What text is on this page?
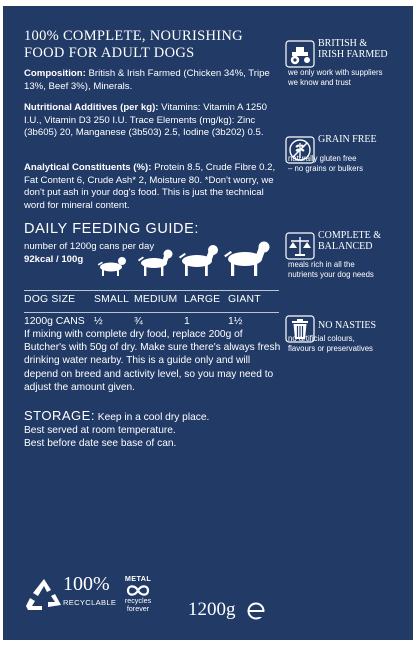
100% COMPLETE, NOURISHING FOOD FOR ADULT DOGS

Composition: British & Irish Farmed (Chicken 34%, Tripe 13%, Beef 3%), Minerals.

Nutritional Additives (per kg): Vitamins: Vitamin A 1250 I.U., Vitamin D3 250 I.U. Trace Elements (mg/kg): Zinc (3b605) 20, Manganese (3b503) 2.5, Iodine (3b202) 0.5.

Analytical Constituents (%): Protein 8.5, Crude Fibre 0.2, Fat Content 6, Crude Ash* 2, Moisture 80. *Don't worry, we don't put ash in your dog's food. This is just the technical word for mineral content.

DAILY FEEDING GUIDE:
number of 1200g cans per day
92kcal / 100g
DOG SIZE SMALL MEDIUM LARGE GIANT
1200g CANS ½	¾	1	1½

If mixing with complete dry food, replace 200g of Butcher's with 50g of dry. Make sure there's always fresh drinking water nearby. This is a guide only and will depend on breed and activity level, so you may need to adjust the amount given.

STORAGE: Keep in a cool dry place.
Best served at room temperature.
Best before date see base of can.
BRITISH &
IRISH FARMED
we only work with suppliers
we know and trust
GRAIN FREE
naturally gluten free
– no grains or bulkers
COMPLETE &
BALANCED
meals rich in all the
nutrients your dog needs
NO NASTIES
no artificial colours,
flavours or preservatives
100%
RECYCLABLE
METAL
recycles
forever	1200g
